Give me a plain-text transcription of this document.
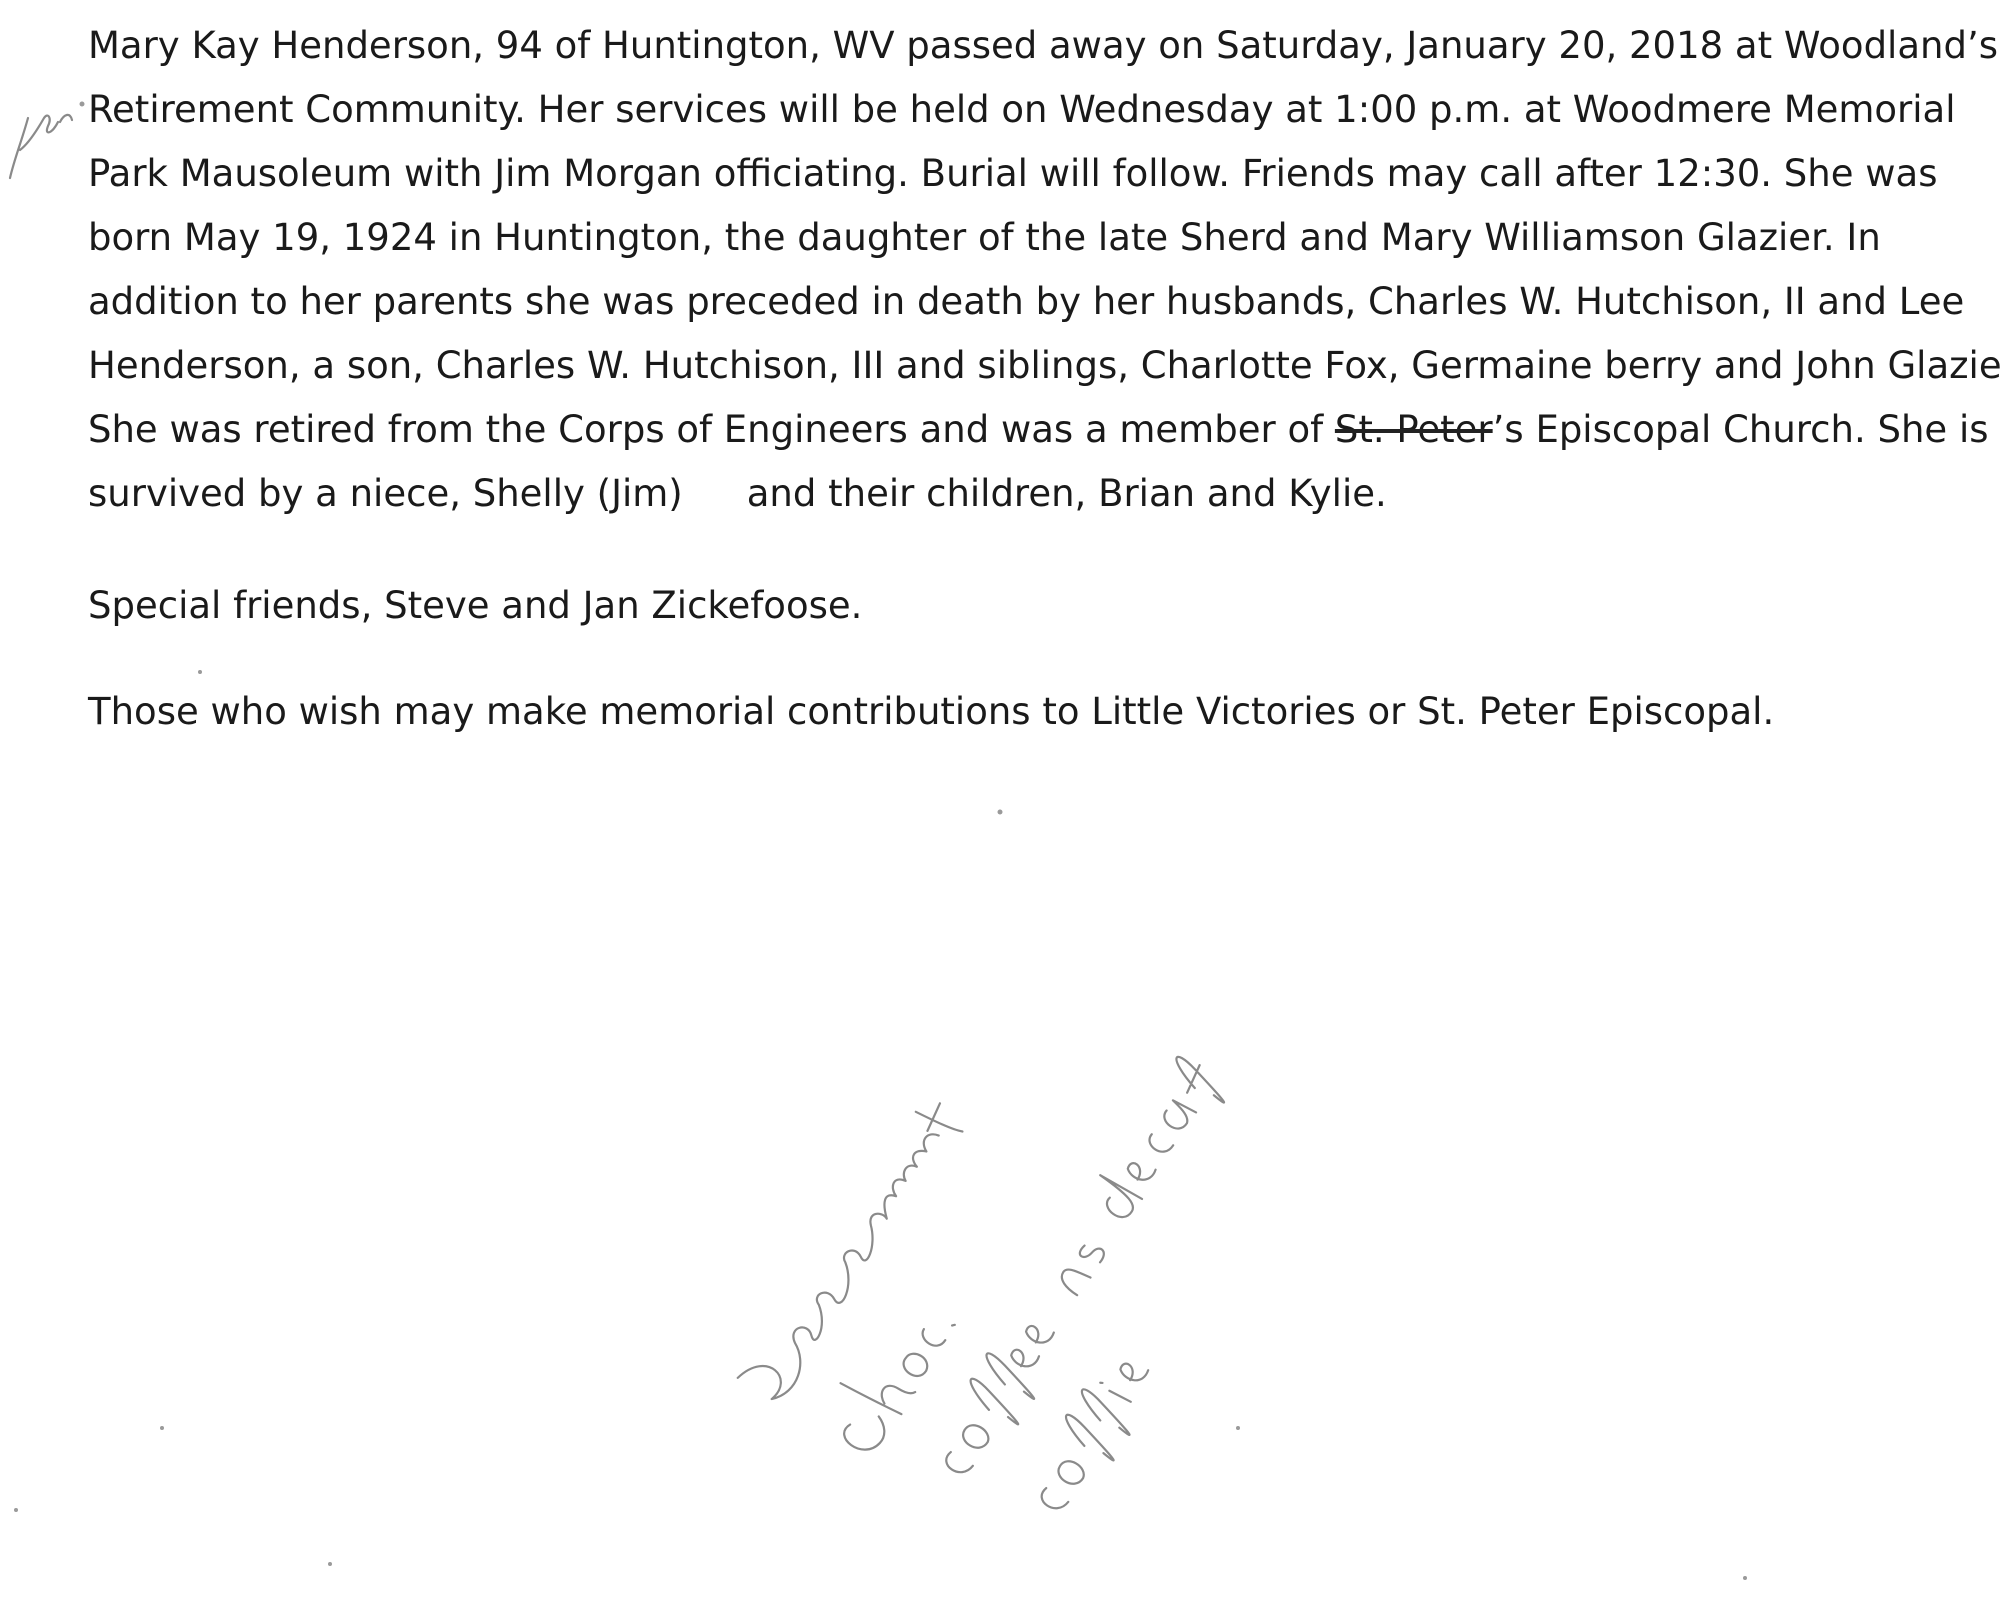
Mary Kay Henderson, 94 of Huntington, WV passed away on Saturday, January 20, 2018 at Woodland’s
Retirement Community. Her services will be held on Wednesday at 1:00 p.m. at Woodmere Memorial
Park Mausoleum with Jim Morgan officiating. Burial will follow. Friends may call after 12:30. She was
born May 19, 1924 in Huntington, the daughter of the late Sherd and Mary Williamson Glazier. In
addition to her parents she was preceded in death by her husbands, Charles W. Hutchison, II and Lee
Henderson, a son, Charles W. Hutchison, III and siblings, Charlotte Fox, Germaine berry and John Glazie
She was retired from the Corps of Engineers and was a member of St. Peter’s Episcopal Church. She is
survived by a niece, Shelly (Jim) and their children, Brian and Kylie.
Special friends, Steve and Jan Zickefoose.
Those who wish may make memorial contributions to Little Victories or St. Peter Episcopal.
